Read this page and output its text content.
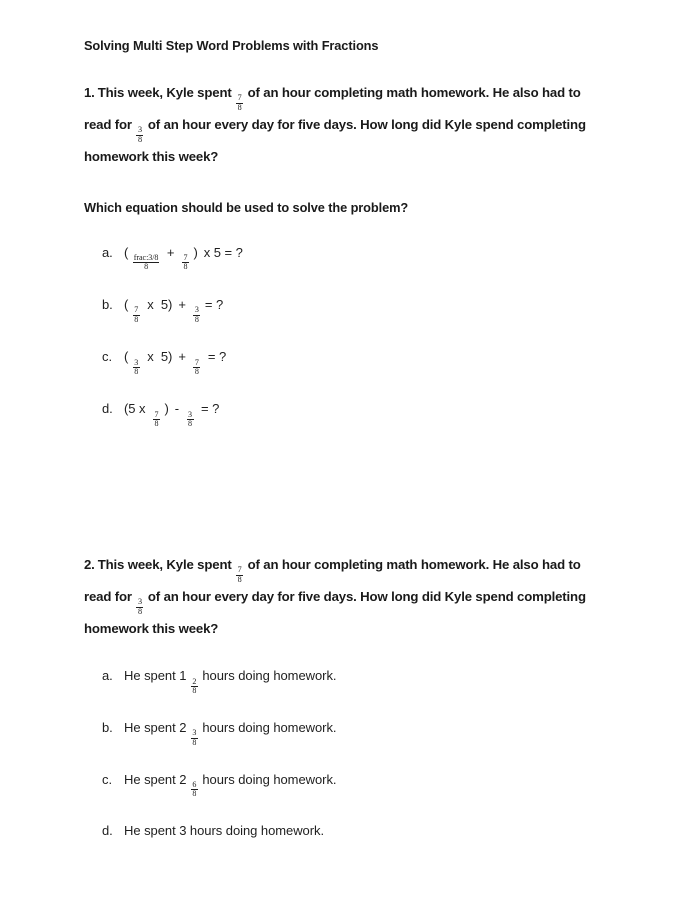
Solving Multi Step Word Problems with Fractions

1. This week, Kyle spent
$\frac{7}{8}$
of an hour completing math homework. He also had to read for
$\frac{3}{8}$
of an hour every day for five days. How long did Kyle spend completing homework this week?

Which equation should be used to solve the problem?

a. (
$\frac{\text{frac:3/8}}{8}$
+
$\frac{7}{8}$
) x 5 = ?
b. (
$\frac{7}{8}$
x  5) +
$\frac{3}{8}$
= ?
c. (
$\frac{3}{8}$
x  5) +
$\frac{7}{8}$
= ?
d. (5 x
$\frac{7}{8}$
) -
$\frac{3}{8}$
= ?

2. This week, Kyle spent
$\frac{7}{8}$
of an hour completing math homework. He also had to read for
$\frac{3}{8}$
of an hour every day for five days. How long did Kyle spend completing homework this week?

a. He spent 1
$\frac{2}{8}$
hours doing homework.
b. He spent 2
$\frac{3}{8}$
hours doing homework.
c. He spent 2
$\frac{6}{8}$
hours doing homework.
d. He spent 3 hours doing homework.
